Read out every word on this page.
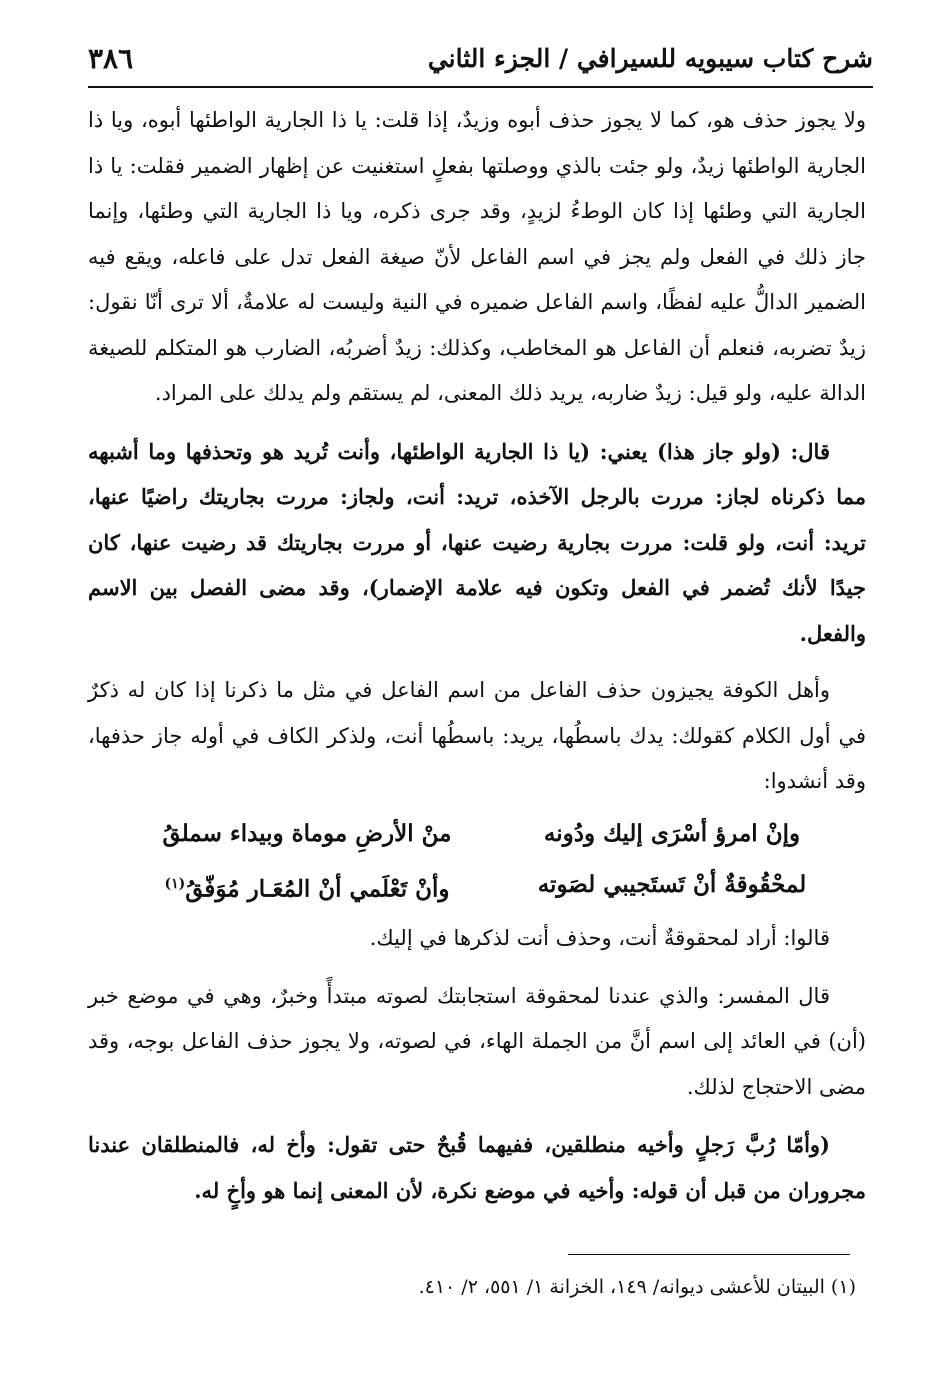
٣٨٦	شرح كتاب سيبويه للسيرافي / الجزء الثاني

ولا يجوز حذف هو، كما لا يجوز حذف أبوه وزيدٌ، إذا قلت: يا ذا الجارية الواطئها أبوه، ويا ذا الجارية الواطئها زيدٌ، ولو جئت بالذي ووصلتها بفعلٍ استغنيت عن إظهار الضمير فقلت: يا ذا الجارية التي وطئها إذا كان الوطءُ لزيدٍ، وقد جرى ذكره، ويا ذا الجارية التي وطئها، وإنما جاز ذلك في الفعل ولم يجز في اسم الفاعل لأنّ صيغة الفعل تدل على فاعله، ويقع فيه الضمير الدالُّ عليه لفظًا، واسم الفاعل ضميره في النية وليست له علامةٌ، ألا ترى أنّا نقول: زيدٌ تضربه، فنعلم أن الفاعل هو المخاطب، وكذلك: زيدٌ أضربُه، الضارب هو المتكلم للصيغة الدالة عليه، ولو قيل: زيدٌ ضاربه، يريد ذلك المعنى، لم يستقم ولم يدلك على المراد.

قال: (ولو جاز هذا) يعني: (يا ذا الجارية الواطئها، وأنت تُريد هو وتحذفها وما أشبهه مما ذكرناه لجاز: مررت بالرجل الآخذه، تريد: أنت، ولجاز: مررت بجاريتك راضيًا عنها، تريد: أنت، ولو قلت: مررت بجارية رضيت عنها، أو مررت بجاريتك قد رضيت عنها، كان جيدًا لأنك تُضمر في الفعل وتكون فيه علامة الإضمار)، وقد مضى الفصل بين الاسم والفعل.

وأهل الكوفة يجيزون حذف الفاعل من اسم الفاعل في مثل ما ذكرنا إذا كان له ذكرٌ في أول الكلام كقولك: يدك باسطُها، يريد: باسطُها أنت، ولذكر الكاف في أوله جاز حذفها، وقد أنشدوا:

وإنْ امرؤ أسْرَى إليك ودُونه
منْ الأرضِ موماة وبيداء سملقُ
لمحْقُوقةٌ أنْ تَستَجيبي لصَوته
وأنْ تَعْلَمي أنْ المُعَـار مُوَفّقُ$^{(١)}$

قالوا: أراد لمحقوقةٌ أنت، وحذف أنت لذكرها في إليك.

قال المفسر: والذي عندنا لمحقوقة استجابتك لصوته مبتدأً وخبرٌ، وهي في موضع خبر (أن) في العائد إلى اسم أنَّ من الجملة الهاء، في لصوته، ولا يجوز حذف الفاعل بوجه، وقد مضى الاحتجاج لذلك.

(وأمّا رُبَّ رَجلٍ وأخيه منطلقين، ففيهما قُبحٌ حتى تقول: وأخ له، فالمنطلقان عندنا مجروران من قبل أن قوله: وأخيه في موضع نكرة، لأن المعنى إنما هو وأخٍ له.

(١) البيتان للأعشى ديوانه/ ١٤٩، الخزانة ١/ ٥٥١، ٢/ ٤١٠.
